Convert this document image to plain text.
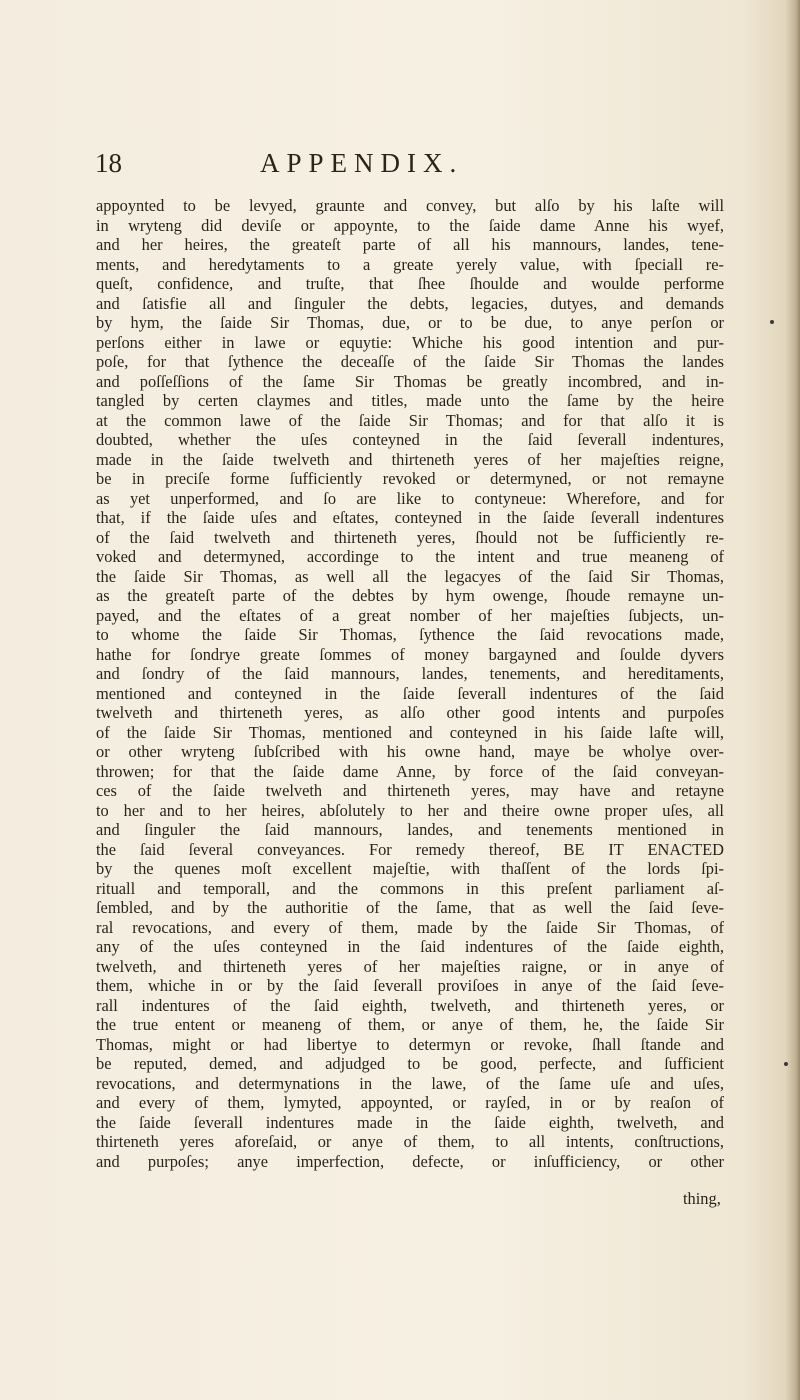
18	APPENDIX.
appoynted to be levyed, graunte and convey, but alſo by his laſte will
in wryteng did deviſe or appoynte, to the ſaide dame Anne his wyef,
and her heires, the greateſt parte of all his mannours, landes, tene-
ments, and heredytaments to a greate yerely value, with ſpeciall re-
queſt, confidence, and truſte, that ſhee ſhoulde and woulde performe
and ſatisfie all and ſinguler the debts, legacies, dutyes, and demands
by hym, the ſaide Sir Thomas, due, or to be due, to anye perſon or
perſons either in lawe or equytie: Whiche his good intention and pur-
poſe, for that ſythence the deceaſſe of the ſaide Sir Thomas the landes
and poſſeſſions of the ſame Sir Thomas be greatly incombred, and in-
tangled by certen claymes and titles, made unto the ſame by the heire
at the common lawe of the ſaide Sir Thomas; and for that alſo it is
doubted, whether the uſes conteyned in the ſaid ſeverall indentures,
made in the ſaide twelveth and thirteneth yeres of her majeſties reigne,
be in preciſe forme ſufficiently revoked or determyned, or not remayne
as yet unperformed, and ſo are like to contyneue: Wherefore, and for
that, if the ſaide uſes and eſtates, conteyned in the ſaide ſeverall indentures
of the ſaid twelveth and thirteneth yeres, ſhould not be ſufficiently re-
voked and determyned, accordinge to the intent and true meaneng of
the ſaide Sir Thomas, as well all the legacyes of the ſaid Sir Thomas,
as the greateſt parte of the debtes by hym owenge, ſhoude remayne un-
payed, and the eſtates of a great nomber of her majeſties ſubjects, un-
to whome the ſaide Sir Thomas, ſythence the ſaid revocations made,
hathe for ſondrye greate ſommes of money bargayned and ſoulde dyvers
and ſondry of the ſaid mannours, landes, tenements, and hereditaments,
mentioned and conteyned in the ſaide ſeverall indentures of the ſaid
twelveth and thirteneth yeres, as alſo other good intents and purpoſes
of the ſaide Sir Thomas, mentioned and conteyned in his ſaide laſte will,
or other wryteng ſubſcribed with his owne hand, maye be wholye over-
throwen; for that the ſaide dame Anne, by force of the ſaid conveyan-
ces of the ſaide twelveth and thirteneth yeres, may have and retayne
to her and to her heires, abſolutely to her and theire owne proper uſes, all
and ſinguler the ſaid mannours, landes, and tenements mentioned in
the ſaid ſeveral conveyances. For remedy thereof, BE IT ENACTED
by the quenes moſt excellent majeſtie, with thaſſent of the lords ſpi-
rituall and temporall, and the commons in this preſent parliament aſ-
ſembled, and by the authoritie of the ſame, that as well the ſaid ſeve-
ral revocations, and every of them, made by the ſaide Sir Thomas, of
any of the uſes conteyned in the ſaid indentures of the ſaide eighth,
twelveth, and thirteneth yeres of her majeſties raigne, or in anye of
them, whiche in or by the ſaid ſeverall proviſoes in anye of the ſaid ſeve-
rall indentures of the ſaid eighth, twelveth, and thirteneth yeres, or
the true entent or meaneng of them, or anye of them, he, the ſaide Sir
Thomas, might or had libertye to determyn or revoke, ſhall ſtande and
be reputed, demed, and adjudged to be good, perfecte, and ſufficient
revocations, and determynations in the lawe, of the ſame uſe and uſes,
and every of them, lymyted, appoynted, or rayſed, in or by reaſon of
the ſaide ſeverall indentures made in the ſaide eighth, twelveth, and
thirteneth yeres aforeſaid, or anye of them, to all intents, conſtructions,
and purpoſes; anye imperfection, defecte, or inſufficiency, or other
thing,
